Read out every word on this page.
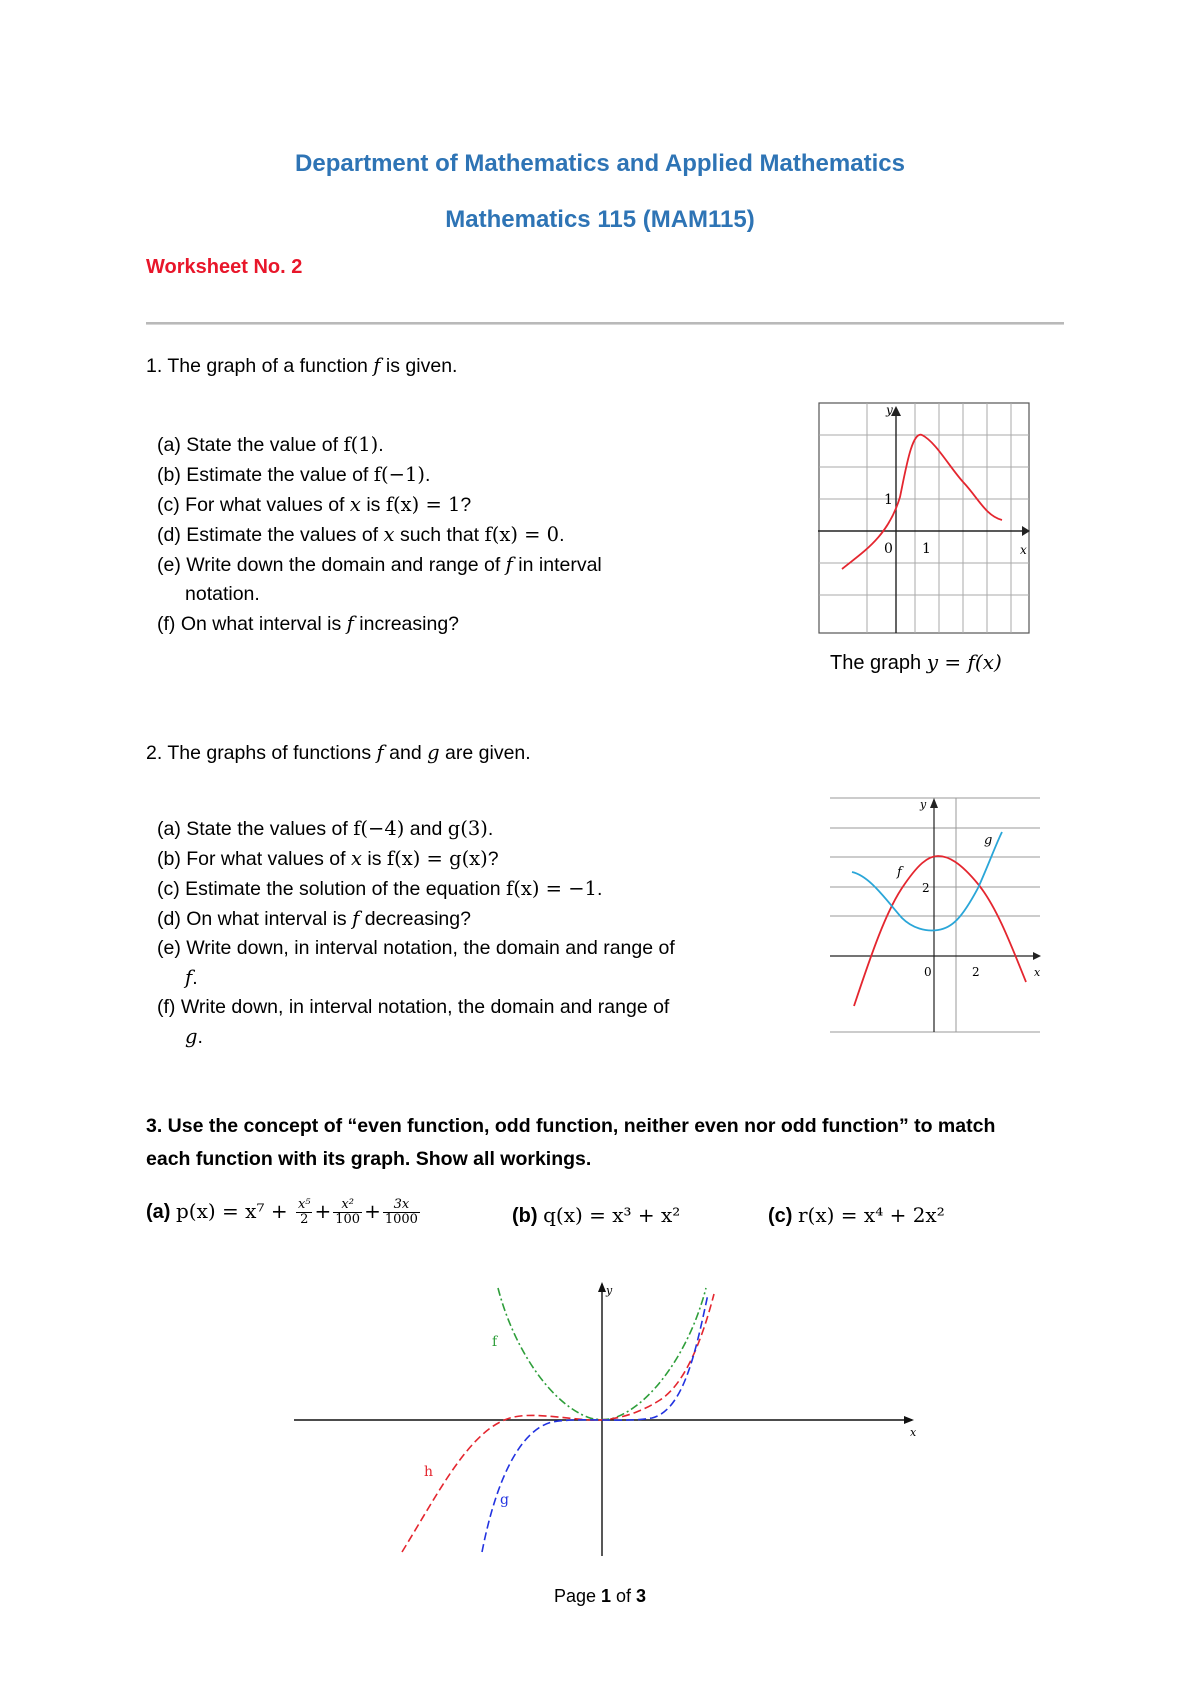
Department of Mathematics and Applied Mathematics
Mathematics 115 (MAM115)
Worksheet No. 2
1. The graph of a function f is given.
(a) State the value of f(1).
(b) Estimate the value of f(−1).
(c) For what values of x is f(x) = 1?
(d) Estimate the values of x such that f(x) = 0.
(e) Write down the domain and range of f in interval
notation.
(f) On what interval is f increasing?
y
x
1
0 1
The graph y = f(x)
2. The graphs of functions f and g are given.
(a) State the values of f(−4) and g(3).
(b) For what values of x is f(x) = g(x)?
(c) Estimate the solution of the equation f(x) = −1.
(d) On what interval is f decreasing?
(e) Write down, in interval notation, the domain and range of
f.
(f) Write down, in interval notation, the domain and range of
g.
y
x
f
g
2
0	2
3. Use the concept of “even function, odd function, neither even nor odd function” to match
each function with its graph. Show all workings.
(a) $p(x) = x^7 + \frac{\text{x⁵}}{2} + \frac{\text{x²}}{100} + \frac{3x}{1000}$	(b) q(x) = x³ + x²	(c) r(x) = x⁴ + 2x²
y
x
f
h
g
Page 1 of 3
